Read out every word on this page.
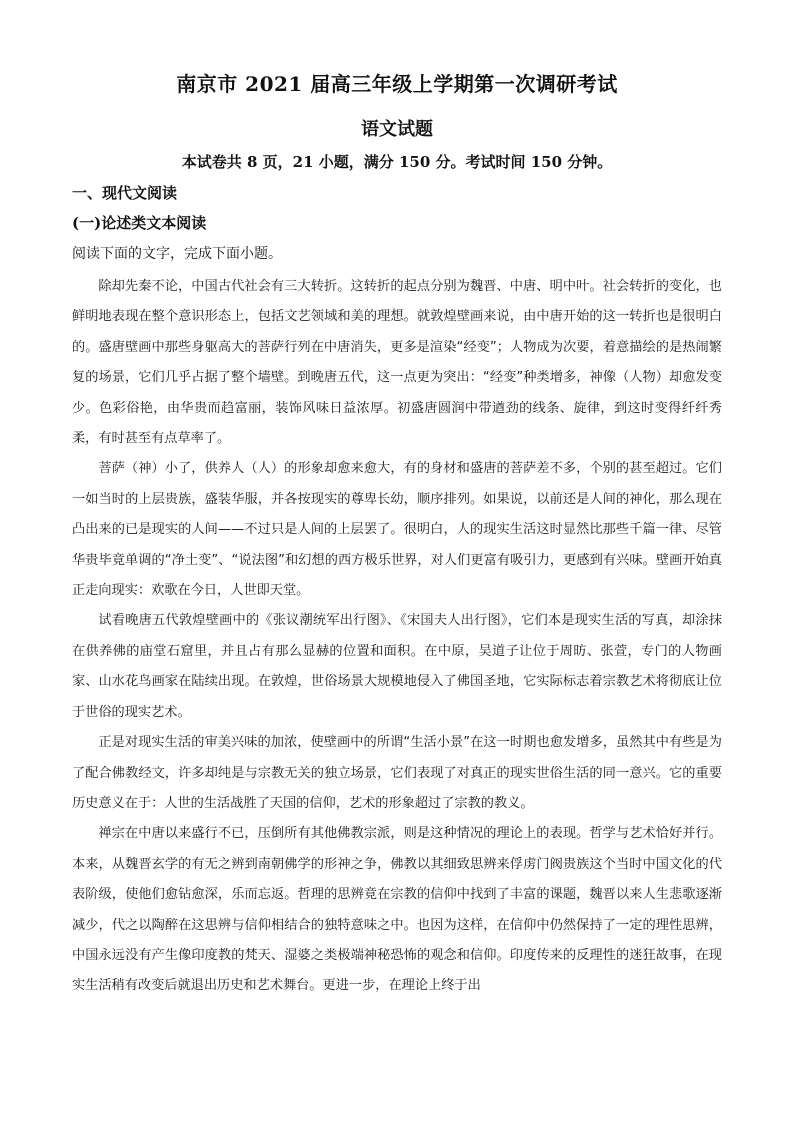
南京市 2021 届高三年级上学期第一次调研考试
语文试题
本试卷共 8 页，21 小题，满分 150 分。考试时间 150 分钟。
一、现代文阅读
(一)论述类文本阅读
阅读下面的文字，完成下面小题。

除却先秦不论，中国古代社会有三大转折。这转折的起点分别为魏晋、中唐、明中叶。社会转折的变化，也鲜明地表现在整个意识形态上，包括文艺领域和美的理想。就敦煌壁画来说，由中唐开始的这一转折也是很明白的。盛唐壁画中那些身躯高大的菩萨行列在中唐消失，更多是渲染“经变”；人物成为次要，着意描绘的是热闹繁复的场景，它们几乎占据了整个墙壁。到晚唐五代，这一点更为突出：“经变”种类增多，神像（人物）却愈发变少。色彩俗艳，由华贵而趋富丽，装饰风味日益浓厚。初盛唐圆润中带遒劲的线条、旋律，到这时变得纤纤秀柔，有时甚至有点草率了。

菩萨（神）小了，供养人（人）的形象却愈来愈大，有的身材和盛唐的菩萨差不多，个别的甚至超过。它们一如当时的上层贵族，盛装华服，并各按现实的尊卑长幼，顺序排列。如果说，以前还是人间的神化，那么现在凸出来的已是现实的人间——不过只是人间的上层罢了。很明白，人的现实生活这时显然比那些千篇一律、尽管华贵毕竟单调的“净土变”、“说法图”和幻想的西方极乐世界，对人们更富有吸引力，更感到有兴味。壁画开始真正走向现实：欢歌在今日，人世即天堂。

试看晚唐五代敦煌壁画中的《张议潮统军出行图》、《宋国夫人出行图》，它们本是现实生活的写真，却涂抹在供养佛的庙堂石窟里，并且占有那么显赫的位置和面积。在中原，吴道子让位于周昉、张萱，专门的人物画家、山水花鸟画家在陆续出现。在敦煌，世俗场景大规模地侵入了佛国圣地，它实际标志着宗教艺术将彻底让位于世俗的现实艺术。

正是对现实生活的审美兴味的加浓，使壁画中的所谓“生活小景”在这一时期也愈发增多，虽然其中有些是为了配合佛教经文，许多却纯是与宗教无关的独立场景，它们表现了对真正的现实世俗生活的同一意兴。它的重要历史意义在于：人世的生活战胜了天国的信仰，艺术的形象超过了宗教的教义。

禅宗在中唐以来盛行不已，压倒所有其他佛教宗派，则是这种情况的理论上的表现。哲学与艺术恰好并行。本来，从魏晋玄学的有无之辨到南朝佛学的形神之争，佛教以其细致思辨来俘虏门阀贵族这个当时中国文化的代表阶级，使他们愈钻愈深，乐而忘返。哲理的思辨竟在宗教的信仰中找到了丰富的课题，魏晋以来人生悲歌逐渐减少，代之以陶醉在这思辨与信仰相结合的独特意味之中。也因为这样，在信仰中仍然保持了一定的理性思辨，中国永远没有产生像印度教的梵天、湿婆之类极端神秘恐怖的观念和信仰。印度传来的反理性的迷狂故事，在现实生活稍有改变后就退出历史和艺术舞台。更进一步，在理论上终于出
